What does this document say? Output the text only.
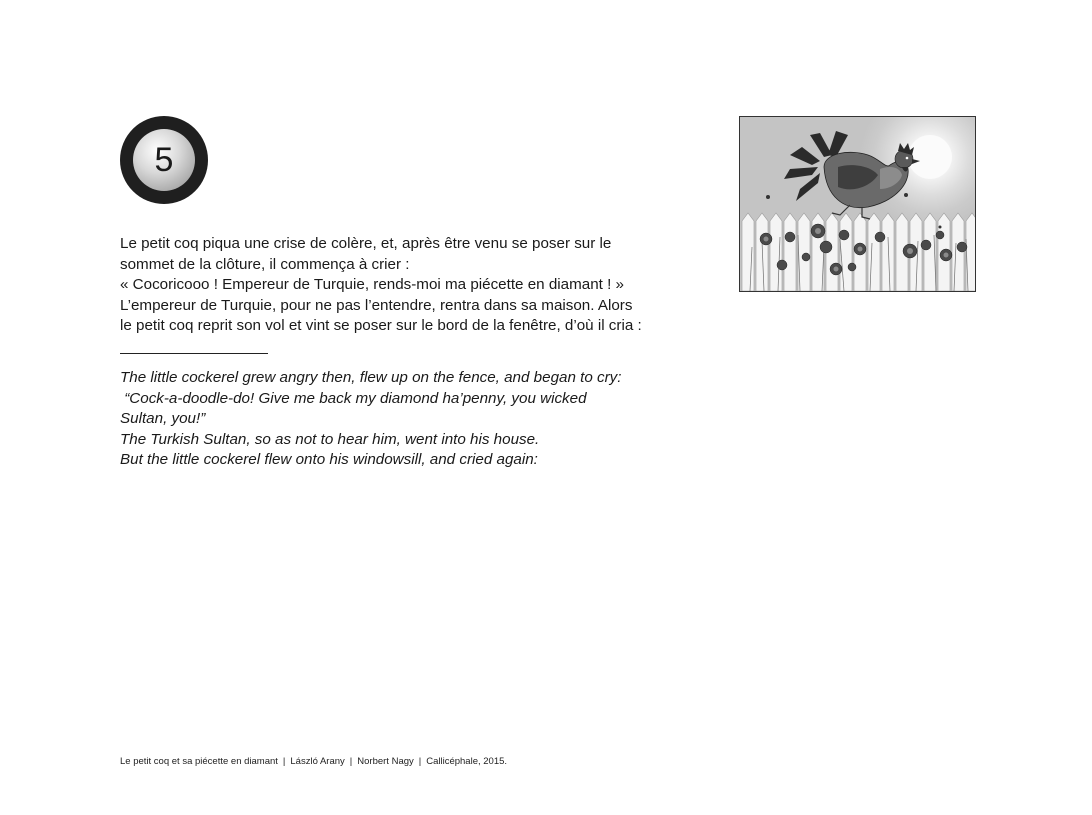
5

Le petit coq piqua une crise de colère, et, après être venu se poser sur le

sommet de la clôture, il commença à crier :

« Cocoricooo ! Empereur de Turquie, rends-moi ma piécette en diamant ! »

L’empereur de Turquie, pour ne pas l’entendre, rentra dans sa maison. Alors

le petit coq reprit son vol et vint se poser sur le bord de la fenêtre, d’où il cria :

The little cockerel grew angry then, flew up on the fence, and began to cry:

“Cock-a-doodle-do! Give me back my diamond ha’penny, you wicked

Sultan, you!”

The Turkish Sultan, so as not to hear him, went into his house.

But the little cockerel flew onto his windowsill, and cried again:

Le petit coq et sa piécette en diamant | László Arany | Norbert Nagy | Callicéphale, 2015.
